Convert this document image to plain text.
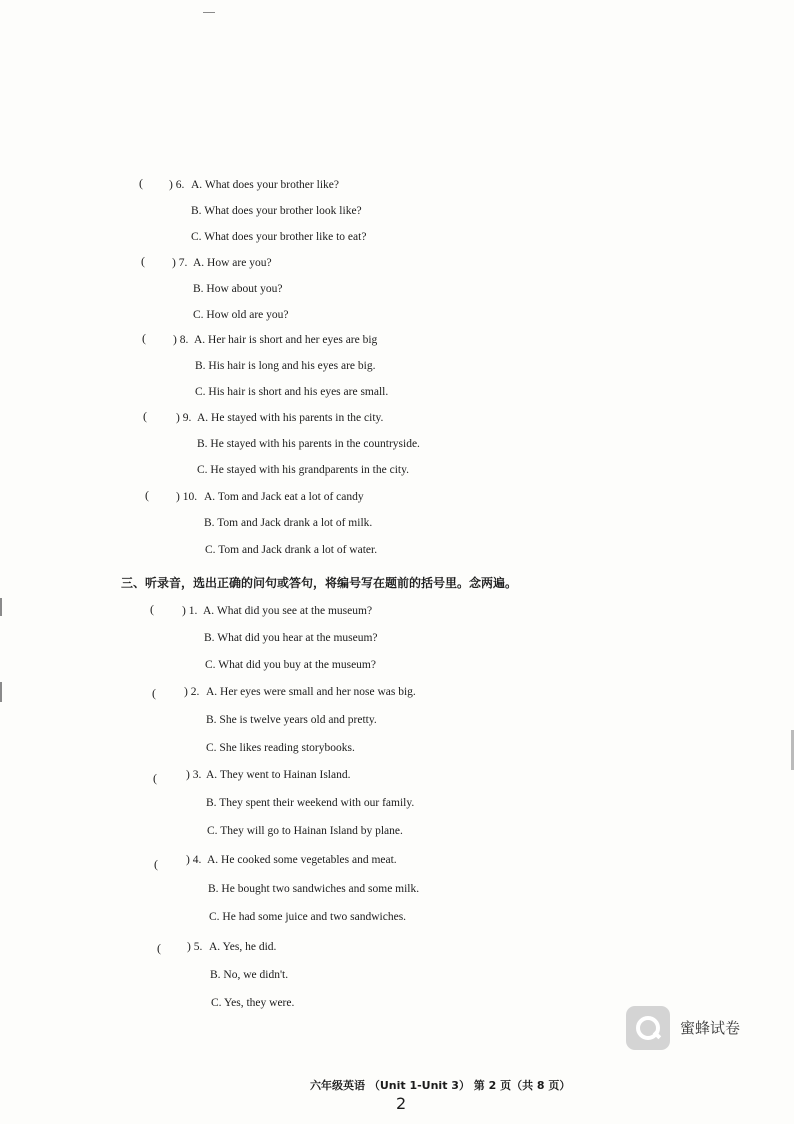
( ) 6. A. What does your brother like?
B. What does your brother look like?
C. What does your brother like to eat?
( ) 7. A. How are you?
B. How about you?
C. How old are you?
( ) 8. A. Her hair is short and her eyes are big
B. His hair is long and his eyes are big.
C. His hair is short and his eyes are small.
(	) 9. A. He stayed with his parents in the city.
B. He stayed with his parents in the countryside.
C. He stayed with his grandparents in the city.
( ) 10. A. Tom and Jack eat a lot of candy
B. Tom and Jack drank a lot of milk.
C. Tom and Jack drank a lot of water.
三、听录音，选出正确的问句或答句，将编号写在题前的括号里。念两遍。
( ) 1. A. What did you see at the museum?
B. What did you hear at the museum?
C. What did you buy at the museum?
( ) 2. A. Her eyes were small and her nose was big.
B. She is twelve years old and pretty.
C. She likes reading storybooks.
(	) 3. A. They went to Hainan Island.
B. They spent their weekend with our family.
C. They will go to Hainan Island by plane.
( ) 4. A. He cooked some vegetables and meat.
B. He bought two sandwiches and some milk.
C. He had some juice and two sandwiches.
( ) 5. A. Yes, he did.
B. No, we didn't.
C. Yes, they were.
蜜蜂试卷
六年级英语 （Unit 1-Unit 3） 第 2 页（共 8 页）
2
